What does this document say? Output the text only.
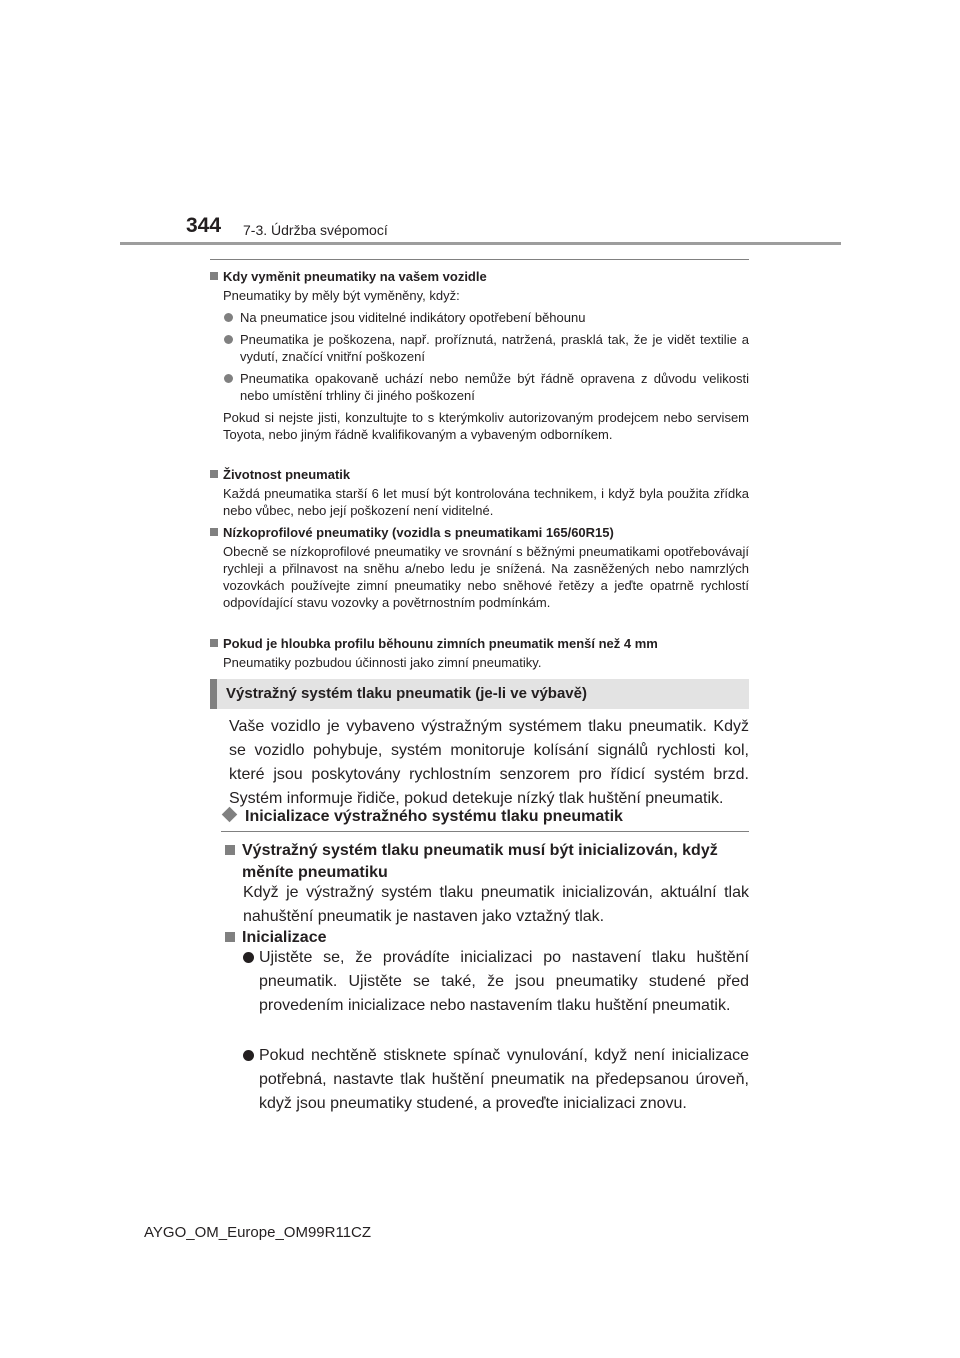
344 7-3. Údržba svépomocí
Kdy vyměnit pneumatiky na vašem vozidle
Pneumatiky by měly být vyměněny, když:
Na pneumatice jsou viditelné indikátory opotřebení běhounu
Pneumatika je poškozena, např. proříznutá, natržená, prasklá tak, že je vidět textilie a vydutí, značící vnitřní poškození
Pneumatika opakovaně uchází nebo nemůže být řádně opravena z důvodu velikosti nebo umístění trhliny či jiného poškození
Pokud si nejste jisti, konzultujte to s kterýmkoliv autorizovaným prodejcem nebo servisem Toyota, nebo jiným řádně kvalifikovaným a vybaveným odborníkem.
Životnost pneumatik
Každá pneumatika starší 6 let musí být kontrolována technikem, i když byla použita zřídka nebo vůbec, nebo její poškození není viditelné.
Nízkoprofilové pneumatiky (vozidla s pneumatikami 165/60R15)
Obecně se nízkoprofilové pneumatiky ve srovnání s běžnými pneumatikami opotřebovávají rychleji a přilnavost na sněhu a/nebo ledu je snížená. Na zasněžených nebo namrzlých vozovkách používejte zimní pneumatiky nebo sněhové řetězy a jeďte opatrně rychlostí odpovídající stavu vozovky a povětrnostním podmínkám.
Pokud je hloubka profilu běhounu zimních pneumatik menší než 4 mm
Pneumatiky pozbudou účinnosti jako zimní pneumatiky.
Výstražný systém tlaku pneumatik (je-li ve výbavě)
Vaše vozidlo je vybaveno výstražným systémem tlaku pneumatik. Když se vozidlo pohybuje, systém monitoruje kolísání signálů rychlosti kol, které jsou poskytovány rychlostním senzorem pro řídicí systém brzd. Systém informuje řidiče, pokud detekuje nízký tlak huštění pneumatik.
Inicializace výstražného systému tlaku pneumatik
Výstražný systém tlaku pneumatik musí být inicializován, když měníte pneumatiku
Když je výstražný systém tlaku pneumatik inicializován, aktuální tlak nahuštění pneumatik je nastaven jako vztažný tlak.
Inicializace
Ujistěte se, že provádíte inicializaci po nastavení tlaku huštění pneumatik. Ujistěte se také, že jsou pneumatiky studené před provedením inicializace nebo nastavením tlaku huštění pneumatik.
Pokud nechtěně stisknete spínač vynulování, když není inicializace potřebná, nastavte tlak huštění pneumatik na předepsanou úroveň, když jsou pneumatiky studené, a proveďte inicializaci znovu.
AYGO_OM_Europe_OM99R11CZ
